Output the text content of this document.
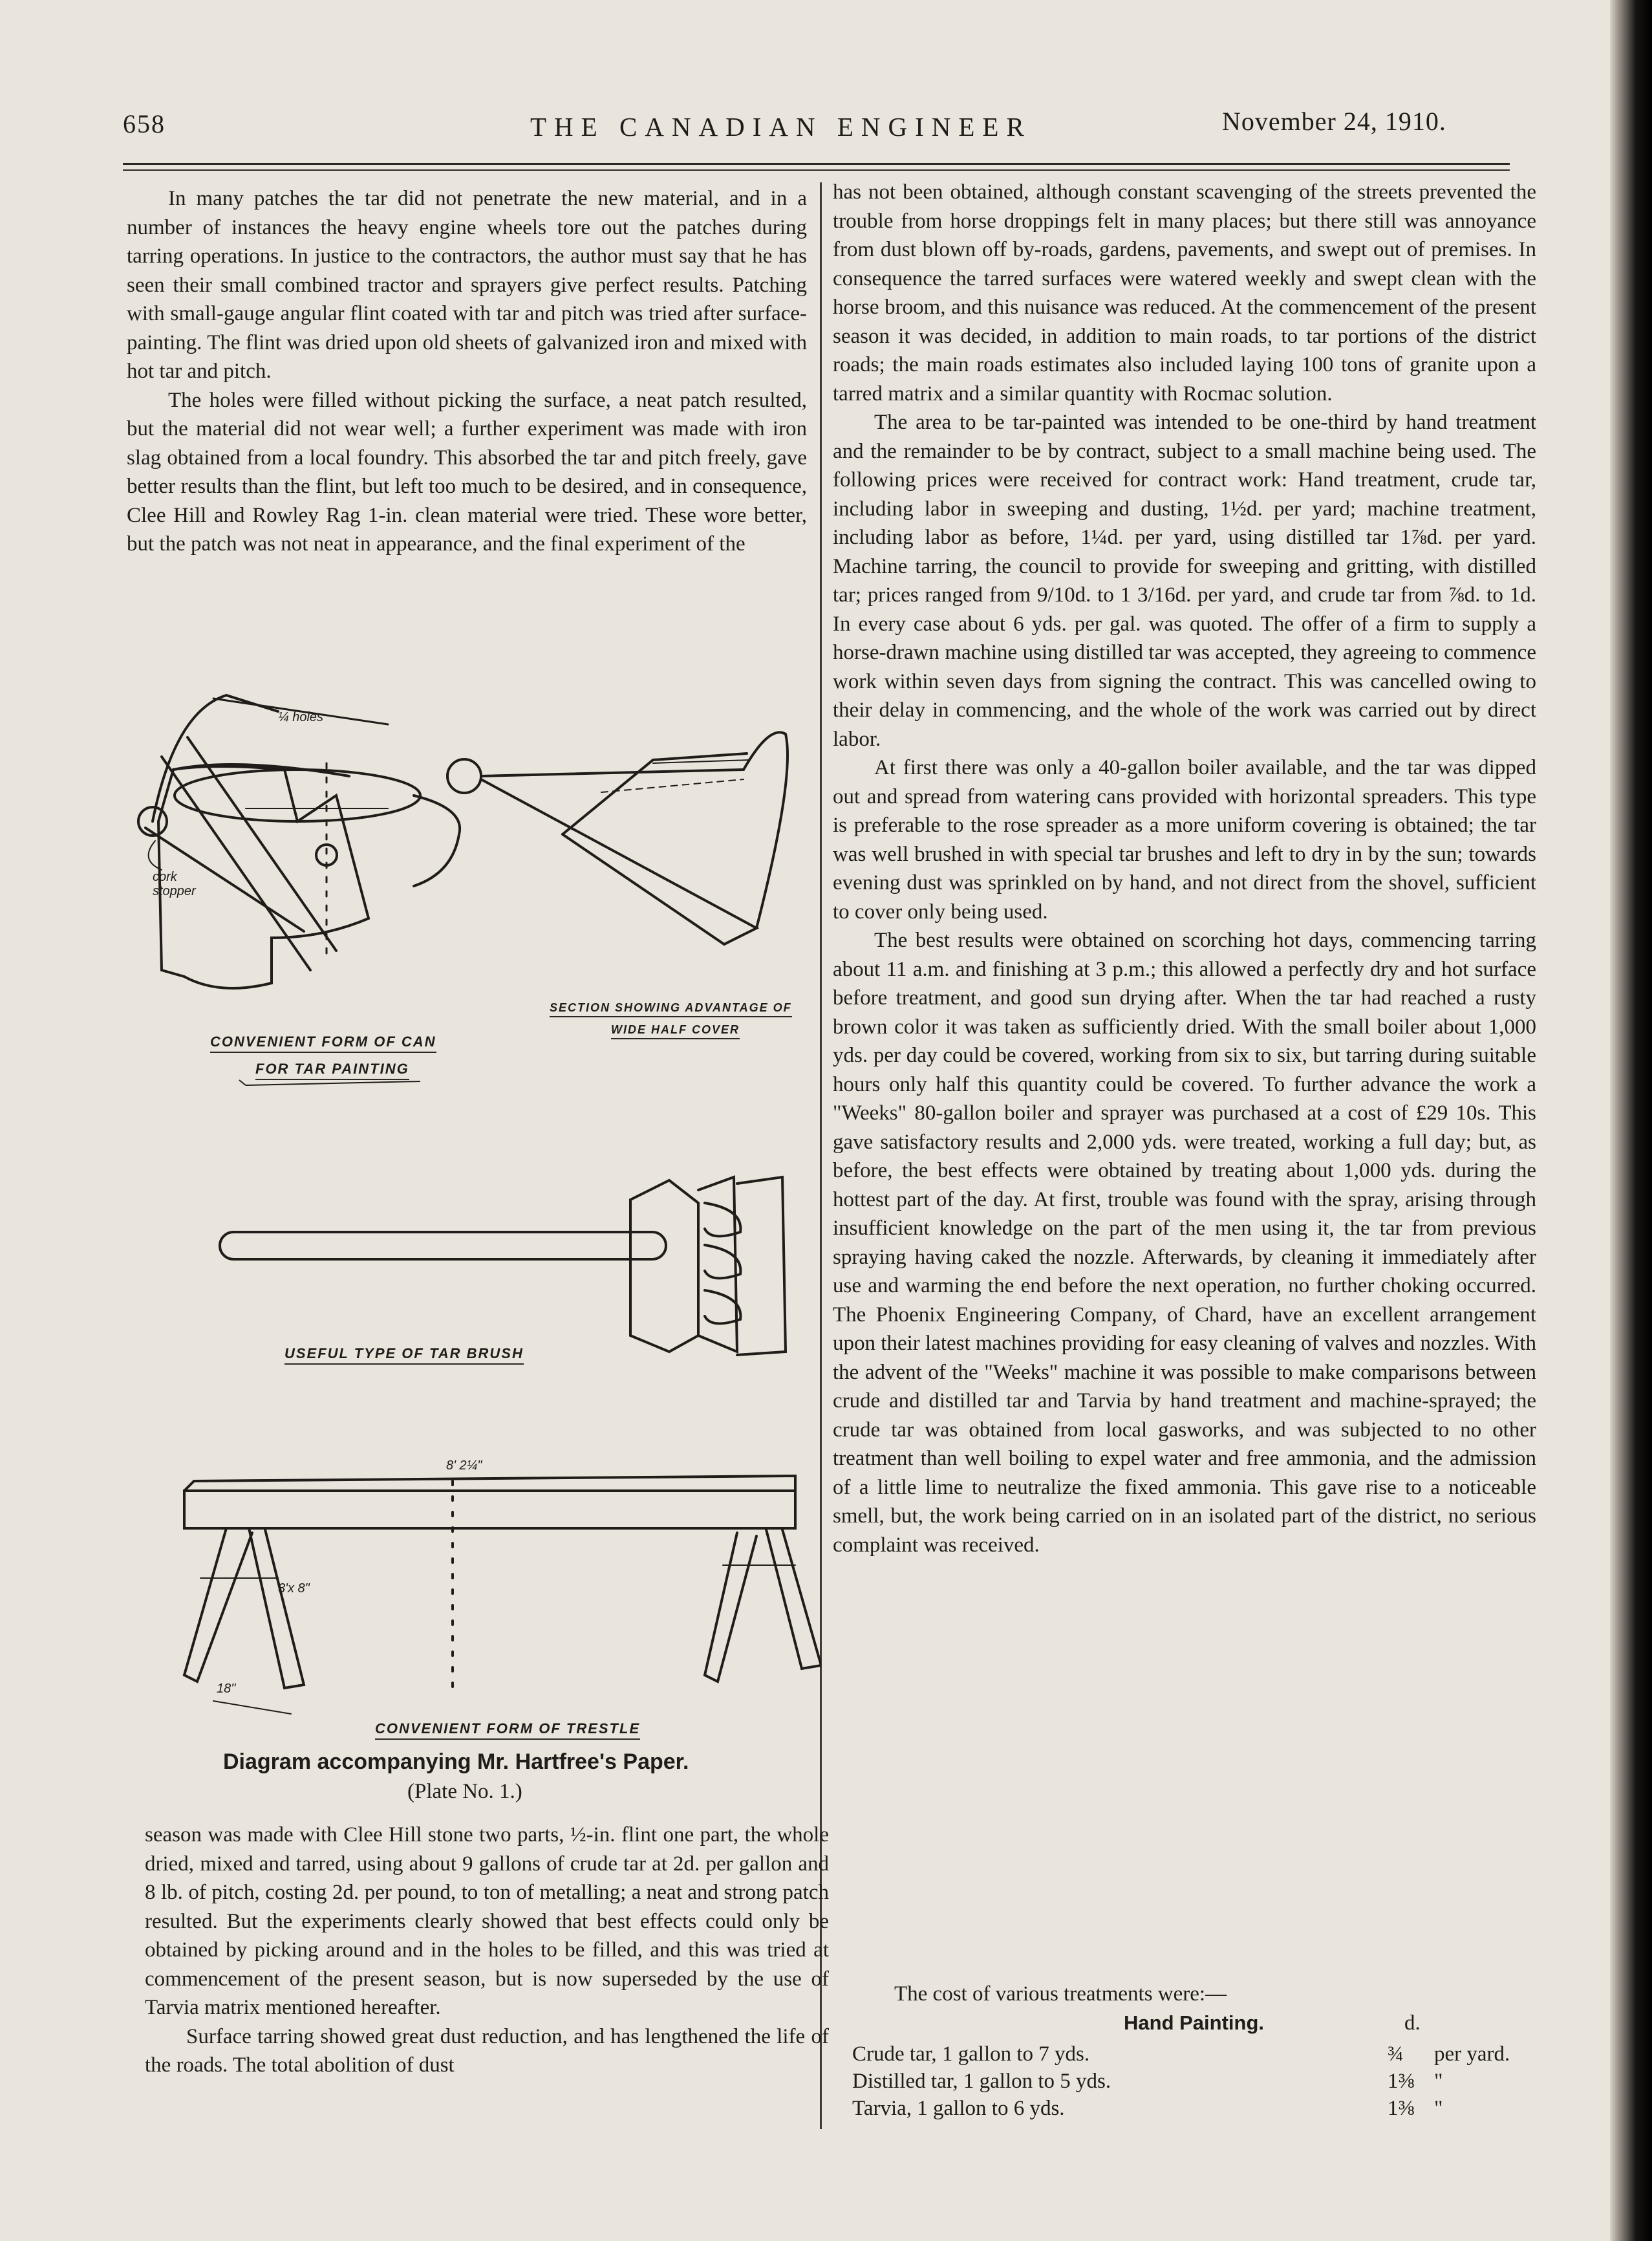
658	THE CANADIAN ENGINEER	November 24, 1910.

In many patches the tar did not penetrate the new material, and in a number of instances the heavy engine wheels tore out the patches during tarring operations. In justice to the contractors, the author must say that he has seen their small combined tractor and sprayers give perfect results. Patching with small-gauge angular flint coated with tar and pitch was tried after surface-painting. The flint was dried upon old sheets of galvanized iron and mixed with hot tar and pitch.

The holes were filled without picking the surface, a neat patch resulted, but the material did not wear well; a further experiment was made with iron slag obtained from a local foundry. This absorbed the tar and pitch freely, gave better results than the flint, but left too much to be desired, and in consequence, Clee Hill and Rowley Rag 1-in. clean material were tried. These wore better, but the patch was not neat in appearance, and the final experiment of the

¼ holes
cork stopper
CONVENIENT FORM OF CAN
FOR TAR PAINTING
SECTION SHOWING ADVANTAGE OF
WIDE HALF COVER
USEFUL TYPE OF TAR BRUSH
8' 2¼"
3'x 8"
18"
CONVENIENT FORM OF TRESTLE
Diagram accompanying Mr. Hartfree's Paper.
(Plate No. 1.)

season was made with Clee Hill stone two parts, ½-in. flint one part, the whole dried, mixed and tarred, using about 9 gallons of crude tar at 2d. per gallon and 8 lb. of pitch, costing 2d. per pound, to ton of metalling; a neat and strong patch resulted. But the experiments clearly showed that best effects could only be obtained by picking around and in the holes to be filled, and this was tried at commencement of the present season, but is now superseded by the use of Tarvia matrix mentioned hereafter.

Surface tarring showed great dust reduction, and has lengthened the life of the roads. The total abolition of dust

has not been obtained, although constant scavenging of the streets prevented the trouble from horse droppings felt in many places; but there still was annoyance from dust blown off by-roads, gardens, pavements, and swept out of premises. In consequence the tarred surfaces were watered weekly and swept clean with the horse broom, and this nuisance was reduced. At the commencement of the present season it was decided, in addition to main roads, to tar portions of the district roads; the main roads estimates also included laying 100 tons of granite upon a tarred matrix and a similar quantity with Rocmac solution.

The area to be tar-painted was intended to be one-third by hand treatment and the remainder to be by contract, subject to a small machine being used. The following prices were received for contract work: Hand treatment, crude tar, including labor in sweeping and dusting, 1½d. per yard; machine treatment, including labor as before, 1¼d. per yard, using distilled tar 1⅞d. per yard. Machine tarring, the council to provide for sweeping and gritting, with distilled tar; prices ranged from 9/10d. to 1 3/16d. per yard, and crude tar from ⅞d. to 1d. In every case about 6 yds. per gal. was quoted. The offer of a firm to supply a horse-drawn machine using distilled tar was accepted, they agreeing to commence work within seven days from signing the contract. This was cancelled owing to their delay in commencing, and the whole of the work was carried out by direct labor.

At first there was only a 40-gallon boiler available, and the tar was dipped out and spread from watering cans provided with horizontal spreaders. This type is preferable to the rose spreader as a more uniform covering is obtained; the tar was well brushed in with special tar brushes and left to dry in by the sun; towards evening dust was sprinkled on by hand, and not direct from the shovel, sufficient to cover only being used.

The best results were obtained on scorching hot days, commencing tarring about 11 a.m. and finishing at 3 p.m.; this allowed a perfectly dry and hot surface before treatment, and good sun drying after. When the tar had reached a rusty brown color it was taken as sufficiently dried. With the small boiler about 1,000 yds. per day could be covered, working from six to six, but tarring during suitable hours only half this quantity could be covered. To further advance the work a "Weeks" 80-gallon boiler and sprayer was purchased at a cost of £29 10s. This gave satisfactory results and 2,000 yds. were treated, working a full day; but, as before, the best effects were obtained by treating about 1,000 yds. during the hottest part of the day. At first, trouble was found with the spray, arising through insufficient knowledge on the part of the men using it, the tar from previous spraying having caked the nozzle. Afterwards, by cleaning it immediately after use and warming the end before the next operation, no further choking occurred. The Phoenix Engineering Company, of Chard, have an excellent arrangement upon their latest machines providing for easy cleaning of valves and nozzles. With the advent of the "Weeks" machine it was possible to make comparisons between crude and distilled tar and Tarvia by hand treatment and machine-sprayed; the crude tar was obtained from local gasworks, and was subjected to no other treatment than well boiling to expel water and free ammonia, and the admission of a little lime to neutralize the fixed ammonia. This gave rise to a noticeable smell, but, the work being carried on in an isolated part of the district, no serious complaint was received.

The cost of various treatments were:—
Hand Painting.	d.
Crude tar, 1 gallon to 7 yds.	¾ per yard.
Distilled tar, 1 gallon to 5 yds.	1⅜ "
Tarvia, 1 gallon to 6 yds.	1⅜ "
